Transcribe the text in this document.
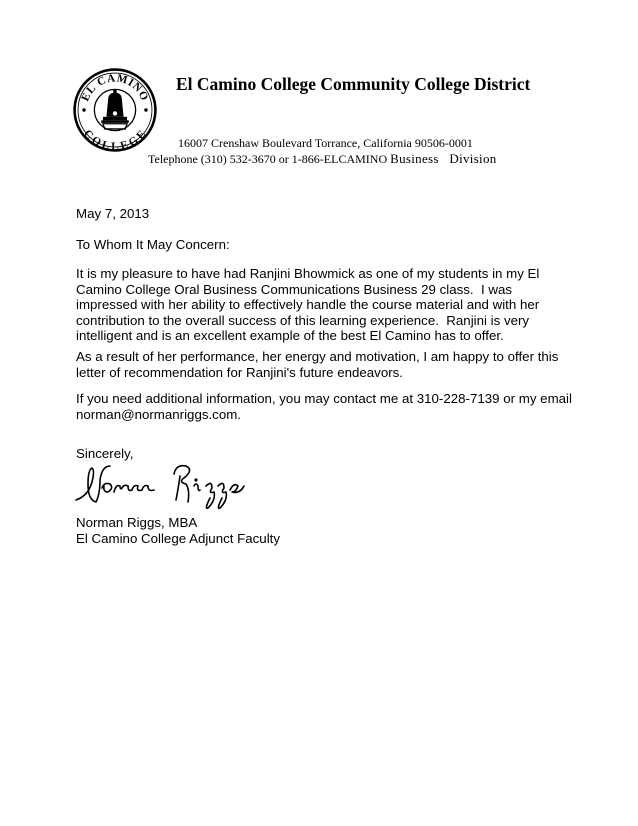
EL CAMINO
COLLEGE
El Camino College Community College District
16007 Crenshaw Boulevard Torrance, California 90506-0001
Telephone (310) 532-3670 or 1-866-ELCAMINO Business   Division
May 7, 2013
To Whom It May Concern:

It is my pleasure to have had Ranjini Bhowmick as one of my students in my El Camino College Oral Business Communications Business 29 class.  I was impressed with her ability to effectively handle the course material and with her contribution to the overall success of this learning experience.  Ranjini is very intelligent and is an excellent example of the best El Camino has to offer.

As a result of her performance, her energy and motivation, I am happy to offer this letter of recommendation for Ranjini's future endeavors.

If you need additional information, you may contact me at 310-228-7139 or my email norman@normanriggs.com.

Sincerely,
Norman Riggs, MBA
El Camino College Adjunct Faculty
